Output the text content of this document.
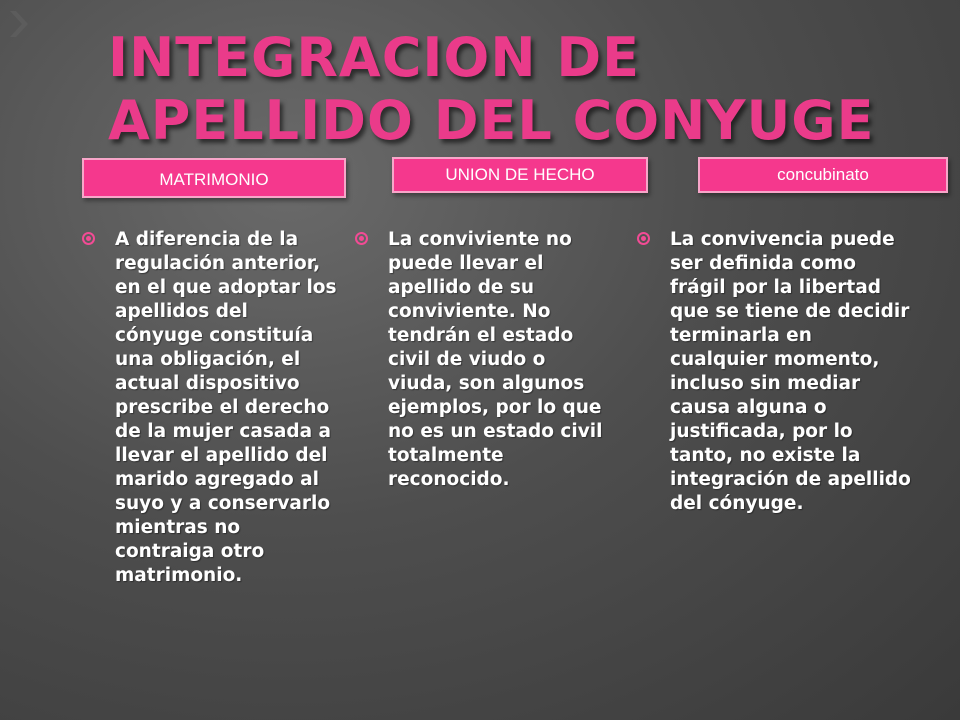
INTEGRACION DE APELLIDO DEL CONYUGE
MATRIMONIO	UNION DE HECHO	concubinato
A diferencia de la regulación anterior, en el que adoptar los apellidos del cónyuge constituía una obligación, el actual dispositivo prescribe el derecho de la mujer casada a llevar el apellido del marido agregado al suyo y a conservarlo mientras no contraiga otro matrimonio.
La conviviente no puede llevar el apellido de su conviviente. No tendrán el estado civil de viudo o viuda, son algunos ejemplos, por lo que no es un estado civil totalmente reconocido.
La convivencia puede ser definida como frágil por la libertad que se tiene de decidir terminarla en cualquier momento, incluso sin mediar causa alguna o justificada, por lo tanto, no existe la integración de apellido del cónyuge.
